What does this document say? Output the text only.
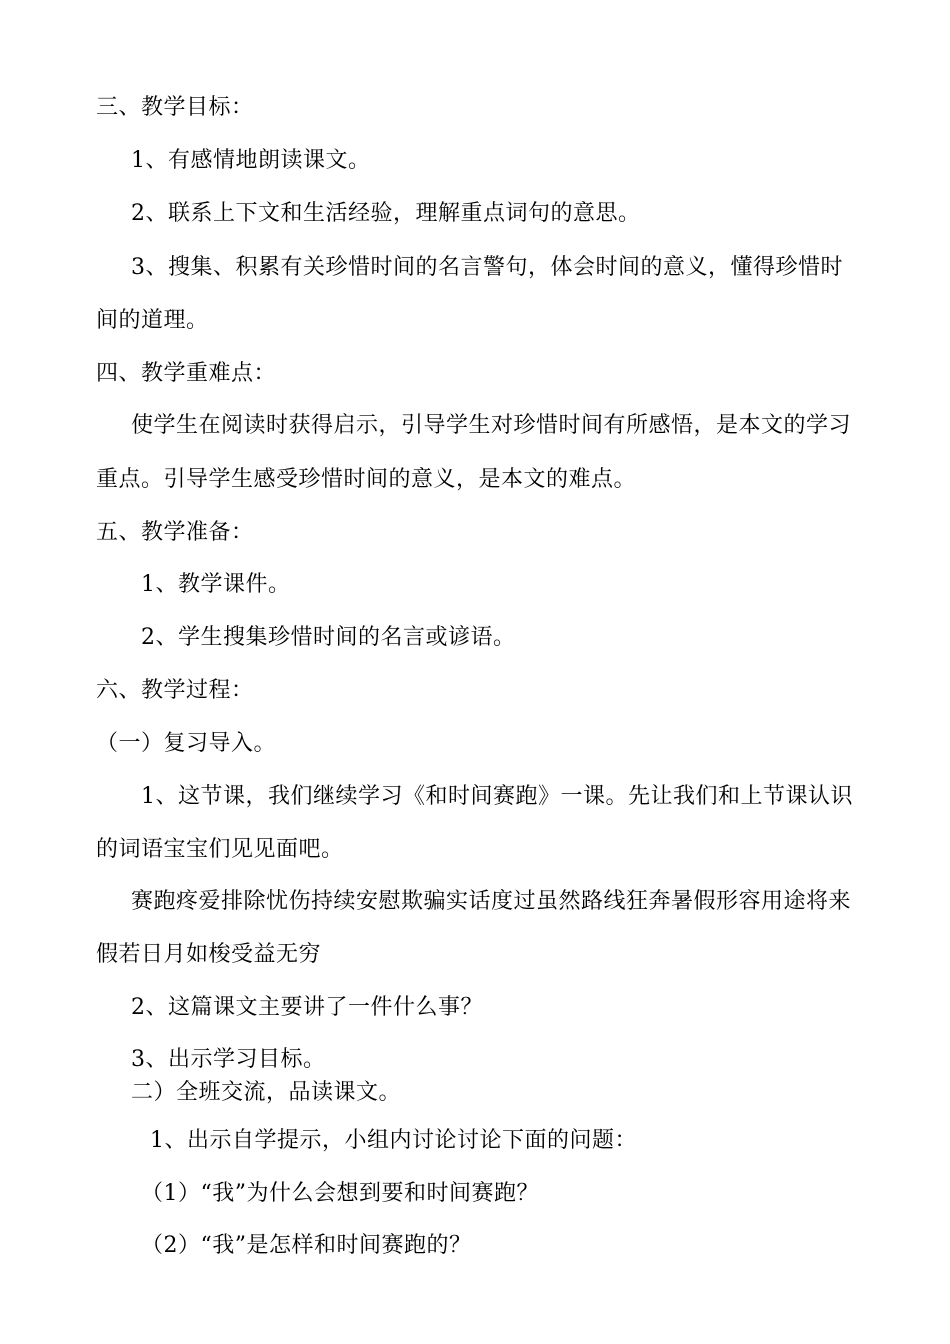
三、教学目标：
1、有感情地朗读课文。
2、联系上下文和生活经验，理解重点词句的意思。
3、搜集、积累有关珍惜时间的名言警句，体会时间的意义，懂得珍惜时
间的道理。
四、教学重难点：
使学生在阅读时获得启示，引导学生对珍惜时间有所感悟，是本文的学习
重点。引导学生感受珍惜时间的意义，是本文的难点。
五、教学准备：
1、教学课件。
2、学生搜集珍惜时间的名言或谚语。
六、教学过程：
（一）复习导入。
1、这节课，我们继续学习《和时间赛跑》一课。先让我们和上节课认识
的词语宝宝们见见面吧。
赛跑疼爱排除忧伤持续安慰欺骗实话度过虽然路线狂奔暑假形容用途将来
假若日月如梭受益无穷
2、这篇课文主要讲了一件什么事？
3、出示学习目标。
二）全班交流，品读课文。
1、出示自学提示，小组内讨论讨论下面的问题：
（1）“我”为什么会想到要和时间赛跑？
（2）“我”是怎样和时间赛跑的？
